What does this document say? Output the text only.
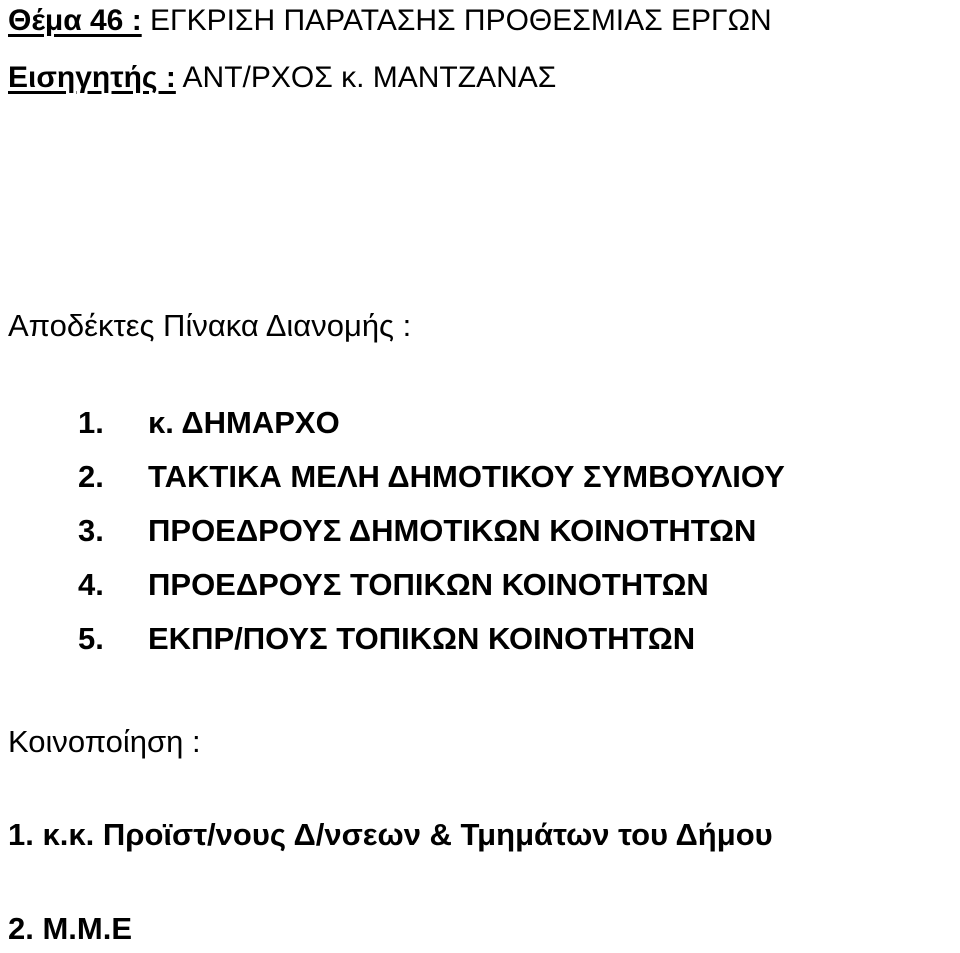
Θέμα 46 : ΕΓΚΡΙΣΗ ΠΑΡΑΤΑΣΗΣ ΠΡΟΘΕΣΜΙΑΣ ΕΡΓΩΝ
Εισηγητής : ΑΝΤ/ΡΧΟΣ κ. ΜΑΝΤΖΑΝΑΣ
Αποδέκτες Πίνακα Διανομής :
1. κ. ΔΗΜΑΡΧΟ
2. ΤΑΚΤΙΚΑ ΜΕΛΗ ΔΗΜΟΤΙΚΟΥ ΣΥΜΒΟΥΛΙΟΥ
3. ΠΡΟΕΔΡΟΥΣ ΔΗΜΟΤΙΚΩΝ ΚΟΙΝΟΤΗΤΩΝ
4. ΠΡΟΕΔΡΟΥΣ ΤΟΠΙΚΩΝ ΚΟΙΝΟΤΗΤΩΝ
5. ΕΚΠΡ/ΠΟΥΣ ΤΟΠΙΚΩΝ ΚΟΙΝΟΤΗΤΩΝ
Κοινοποίηση :
1. κ.κ. Προϊστ/νους Δ/νσεων & Τμημάτων του Δήμου
2. Μ.Μ.Ε
